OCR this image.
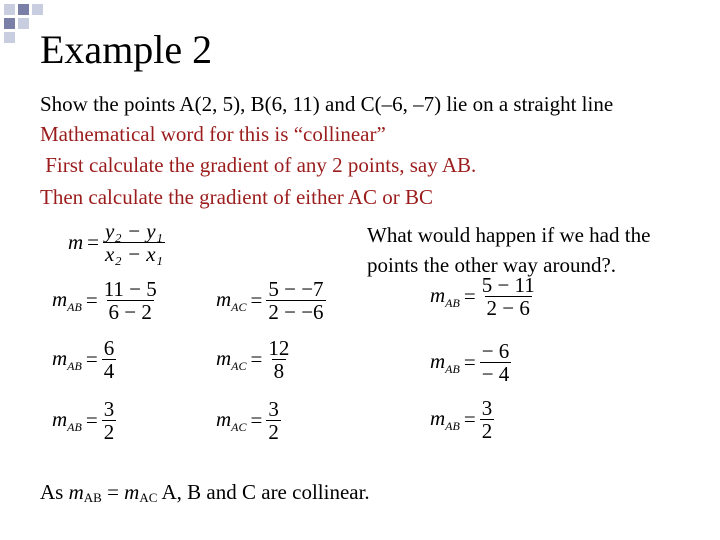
Example 2
Show the points A(2, 5), B(6, 11) and C(–6, –7) lie on a straight line
Mathematical word for this is “collinear”
First calculate the gradient of any 2 points, say AB.
Then calculate the gradient of either AC or BC
What would happen if we had the
points the other way around?.
$m = \frac{\text{y₂ − y₁}}{\text{x₂ − x₁}}$
$m_{AB} = \frac{11 - 5}{6 - 2}$
$m_{AB} = \frac{6}{4}$
$m_{AB} = \frac{3}{2}$
$m_{AC} = \frac{5 - -7}{2 - -6}$
$m_{AC} = \frac{12}{8}$
$m_{AC} = \frac{3}{2}$
$m_{AB} = \frac{5 - 11}{2 - 6}$
$m_{AB} = \frac{- 6}{- 4}$
$m_{AB} = \frac{3}{2}$
As $m_{AB} = m_{AC}$ A, B and C are collinear.
